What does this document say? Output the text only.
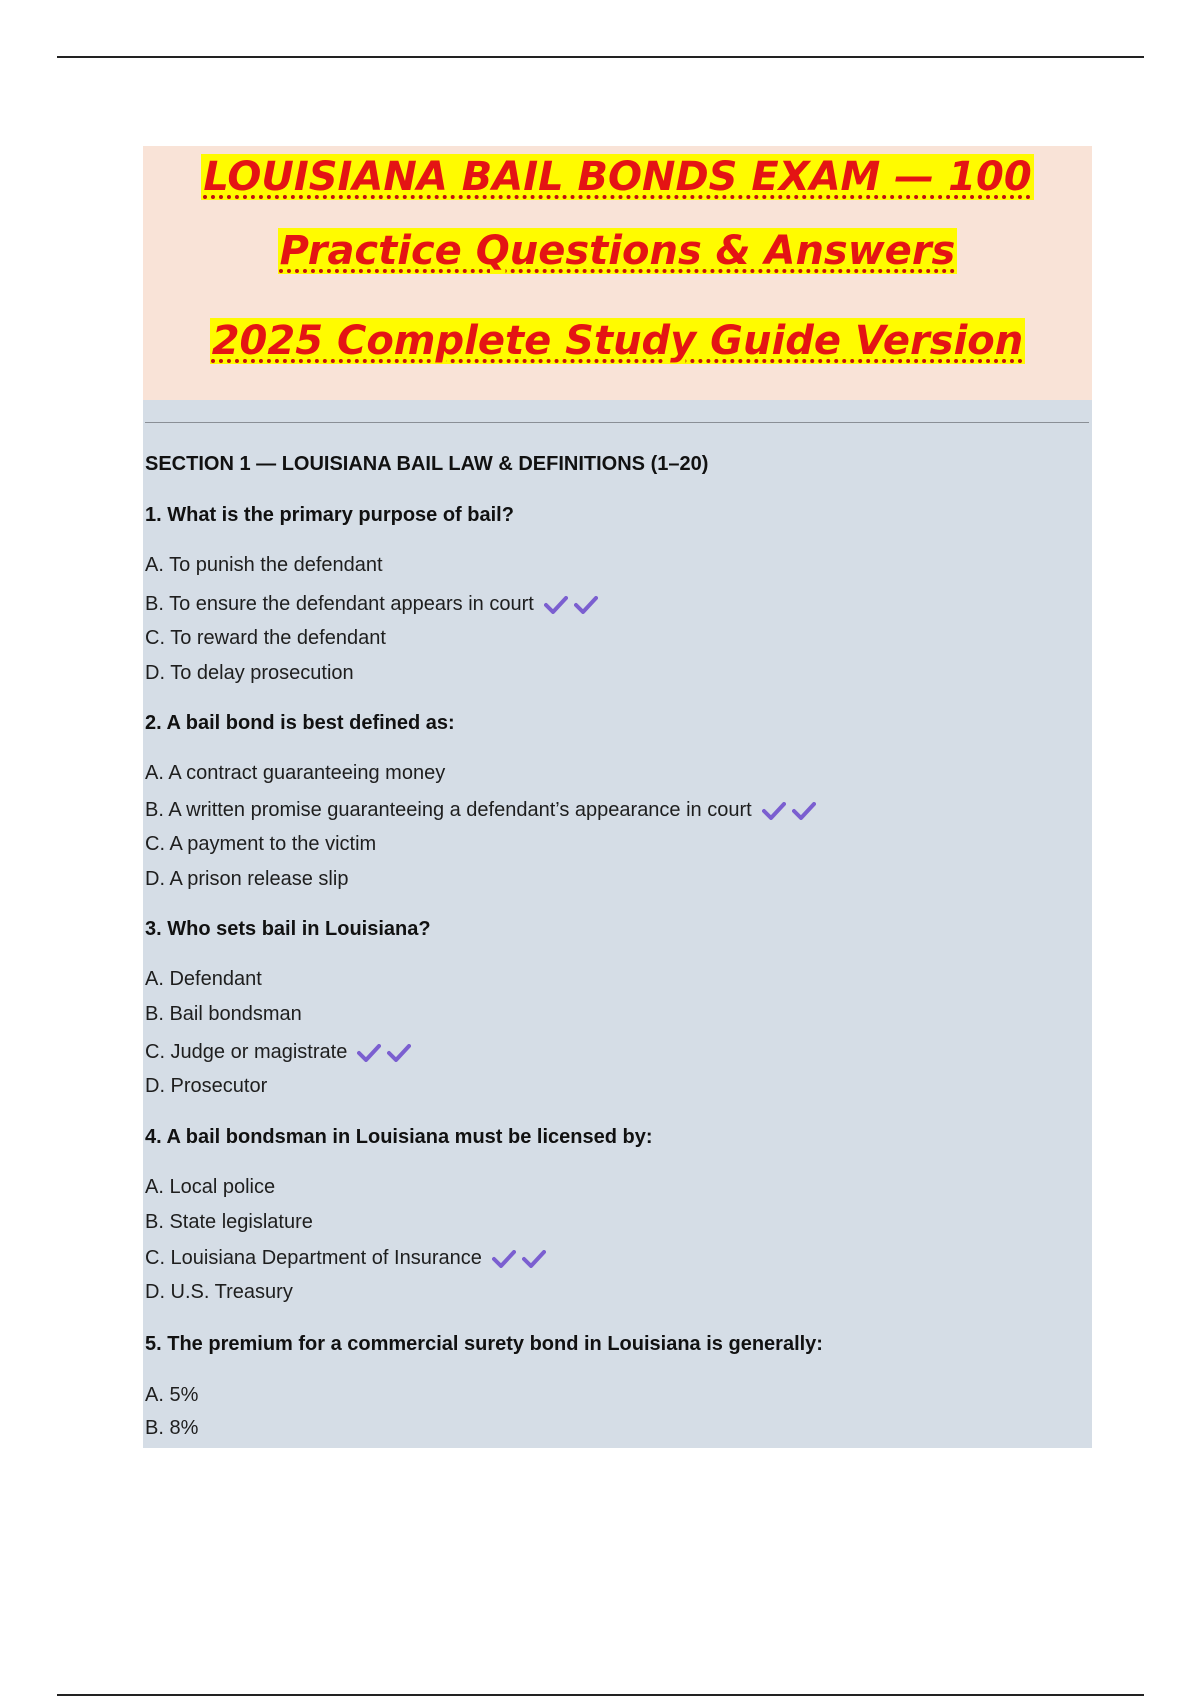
LOUISIANA BAIL BONDS EXAM — 100
Practice Questions & Answers
2025 Complete Study Guide Version
SECTION 1 — LOUISIANA BAIL LAW & DEFINITIONS (1–20)
1. What is the primary purpose of bail?
A. To punish the defendant
B. To ensure the defendant appears in court
C. To reward the defendant
D. To delay prosecution
2. A bail bond is best defined as:
A. A contract guaranteeing money
B. A written promise guaranteeing a defendant’s appearance in court
C. A payment to the victim
D. A prison release slip
3. Who sets bail in Louisiana?
A. Defendant
B. Bail bondsman
C. Judge or magistrate
D. Prosecutor
4. A bail bondsman in Louisiana must be licensed by:
A. Local police
B. State legislature
C. Louisiana Department of Insurance
D. U.S. Treasury
5. The premium for a commercial surety bond in Louisiana is generally:
A. 5%
B. 8%
